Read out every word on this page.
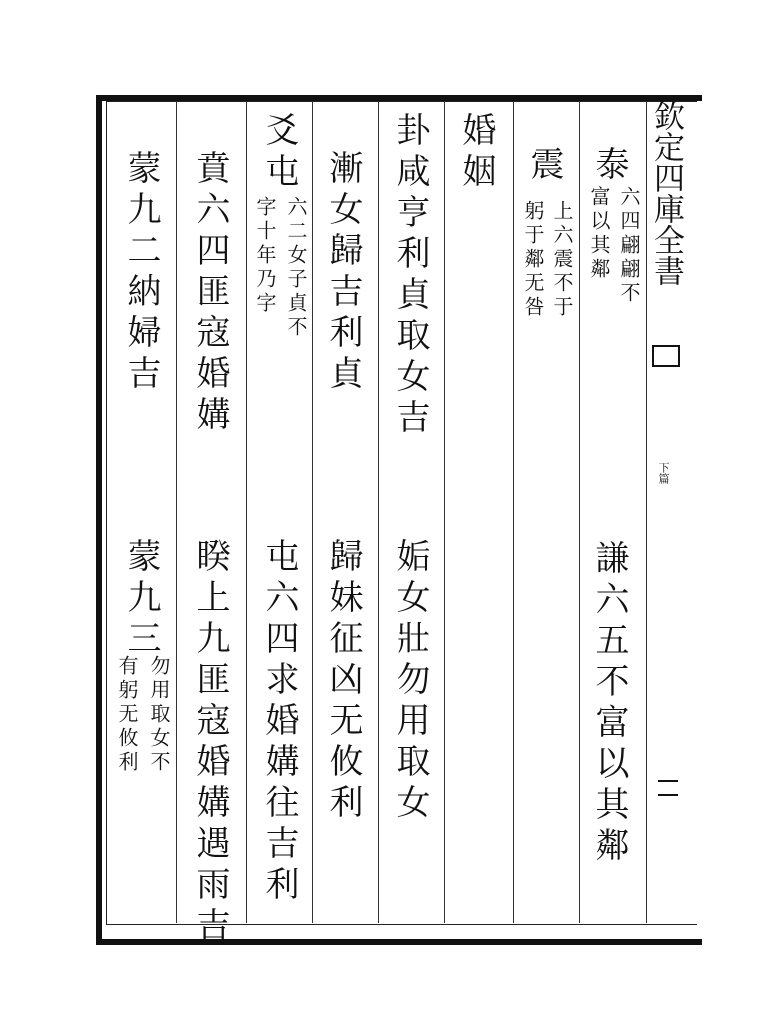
欽定四庫全書
下篇
泰
六四翩翩不
富以其鄰
謙六五不富以其鄰
震
上六震不于
躬于鄰无咎
婚姻
卦咸亨利貞取女吉
姤女壯勿用取女
漸女歸吉利貞
歸妹征凶无攸利
爻屯
六二女子貞不
字十年乃字
屯六四求婚媾往吉利
賁六四匪寇婚媾
睽上九匪寇婚媾遇雨吉
蒙九二納婦吉
蒙九三
勿用取女不
有躬无攸利
